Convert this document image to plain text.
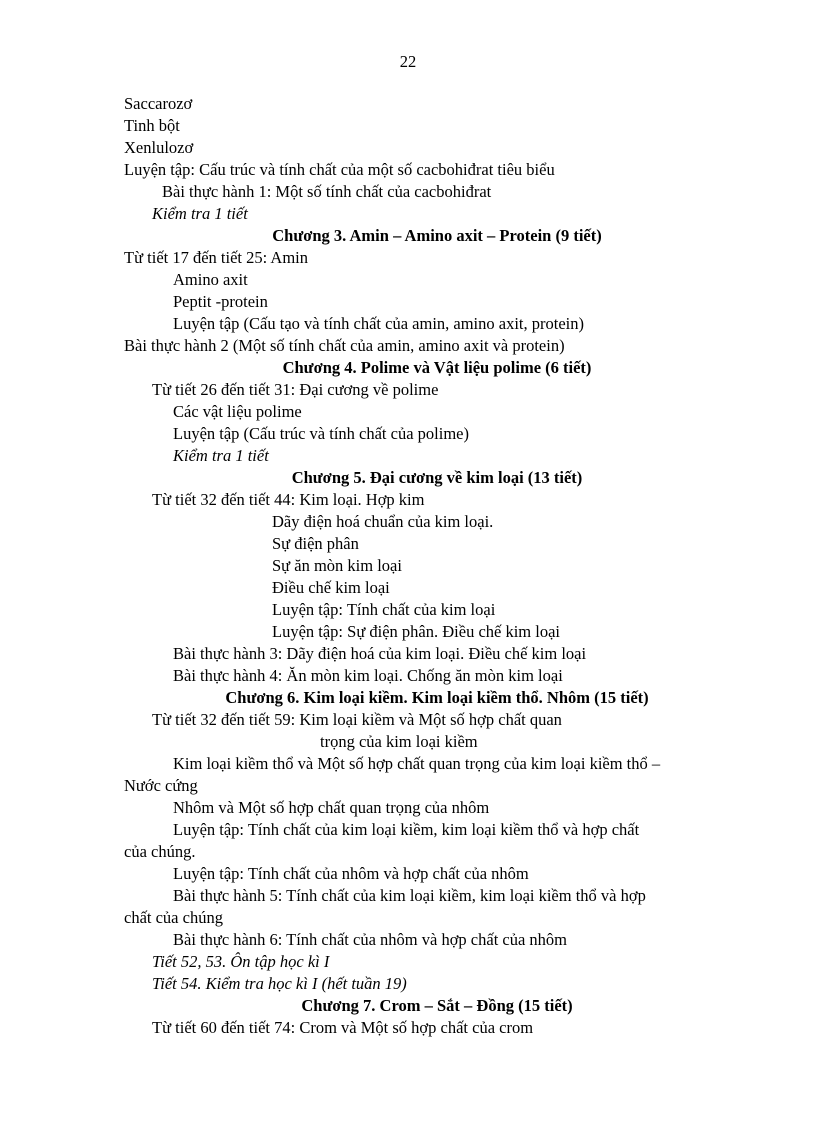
22
Saccarozơ
Tinh bột
Xenlulozơ
Luyện tập: Cấu trúc và tính chất của một số cacbohiđrat tiêu biểu
Bài thực hành 1: Một số tính chất của cacbohiđrat
Kiểm tra 1 tiết
Chương 3. Amin – Amino axit – Protein (9 tiết)
Từ tiết 17 đến tiết 25: Amin
Amino axit
Peptit -protein
Luyện tập (Cấu tạo và tính chất của amin, amino axit, protein)
Bài thực hành 2 (Một số tính chất của amin, amino axit và protein)
Chương 4. Polime và Vật liệu polime (6 tiết)
Từ tiết 26 đến tiết 31: Đại cương về polime
Các vật liệu polime
Luyện tập (Cấu trúc và tính chất của polime)
Kiểm tra 1 tiết
Chương 5. Đại cương về kim loại (13 tiết)
Từ tiết 32 đến tiết 44: Kim loại. Hợp kim
Dãy điện hoá chuẩn của kim loại.
Sự điện phân
Sự ăn mòn kim loại
Điều chế kim loại
Luyện tập: Tính chất của kim loại
Luyện tập: Sự điện phân. Điều chế kim loại
Bài thực hành 3: Dãy điện hoá của kim loại. Điều chế kim loại
Bài thực hành 4: Ăn mòn kim loại. Chống ăn mòn kim loại
Chương 6. Kim loại kiềm. Kim loại kiềm thổ. Nhôm (15 tiết)
Từ tiết 32 đến tiết 59: Kim loại kiềm và Một số hợp chất quan
trọng của kim loại kiềm
Kim loại kiềm thổ và Một số hợp chất quan trọng của kim loại kiềm thổ –
Nước cứng
Nhôm và Một số hợp chất quan trọng của nhôm
Luyện tập: Tính chất của kim loại kiềm, kim loại kiềm thổ và hợp chất
của chúng.
Luyện tập: Tính chất của nhôm và hợp chất của nhôm
Bài thực hành 5: Tính chất của kim loại kiềm, kim loại kiềm thổ và hợp
chất của chúng
Bài thực hành 6: Tính chất của nhôm và hợp chất của nhôm
Tiết 52, 53. Ôn tập học kì I
Tiết 54. Kiểm tra học kì I (hết tuần 19)
Chương 7. Crom – Sắt – Đồng (15 tiết)
Từ tiết 60 đến tiết 74: Crom và Một số hợp chất của crom
